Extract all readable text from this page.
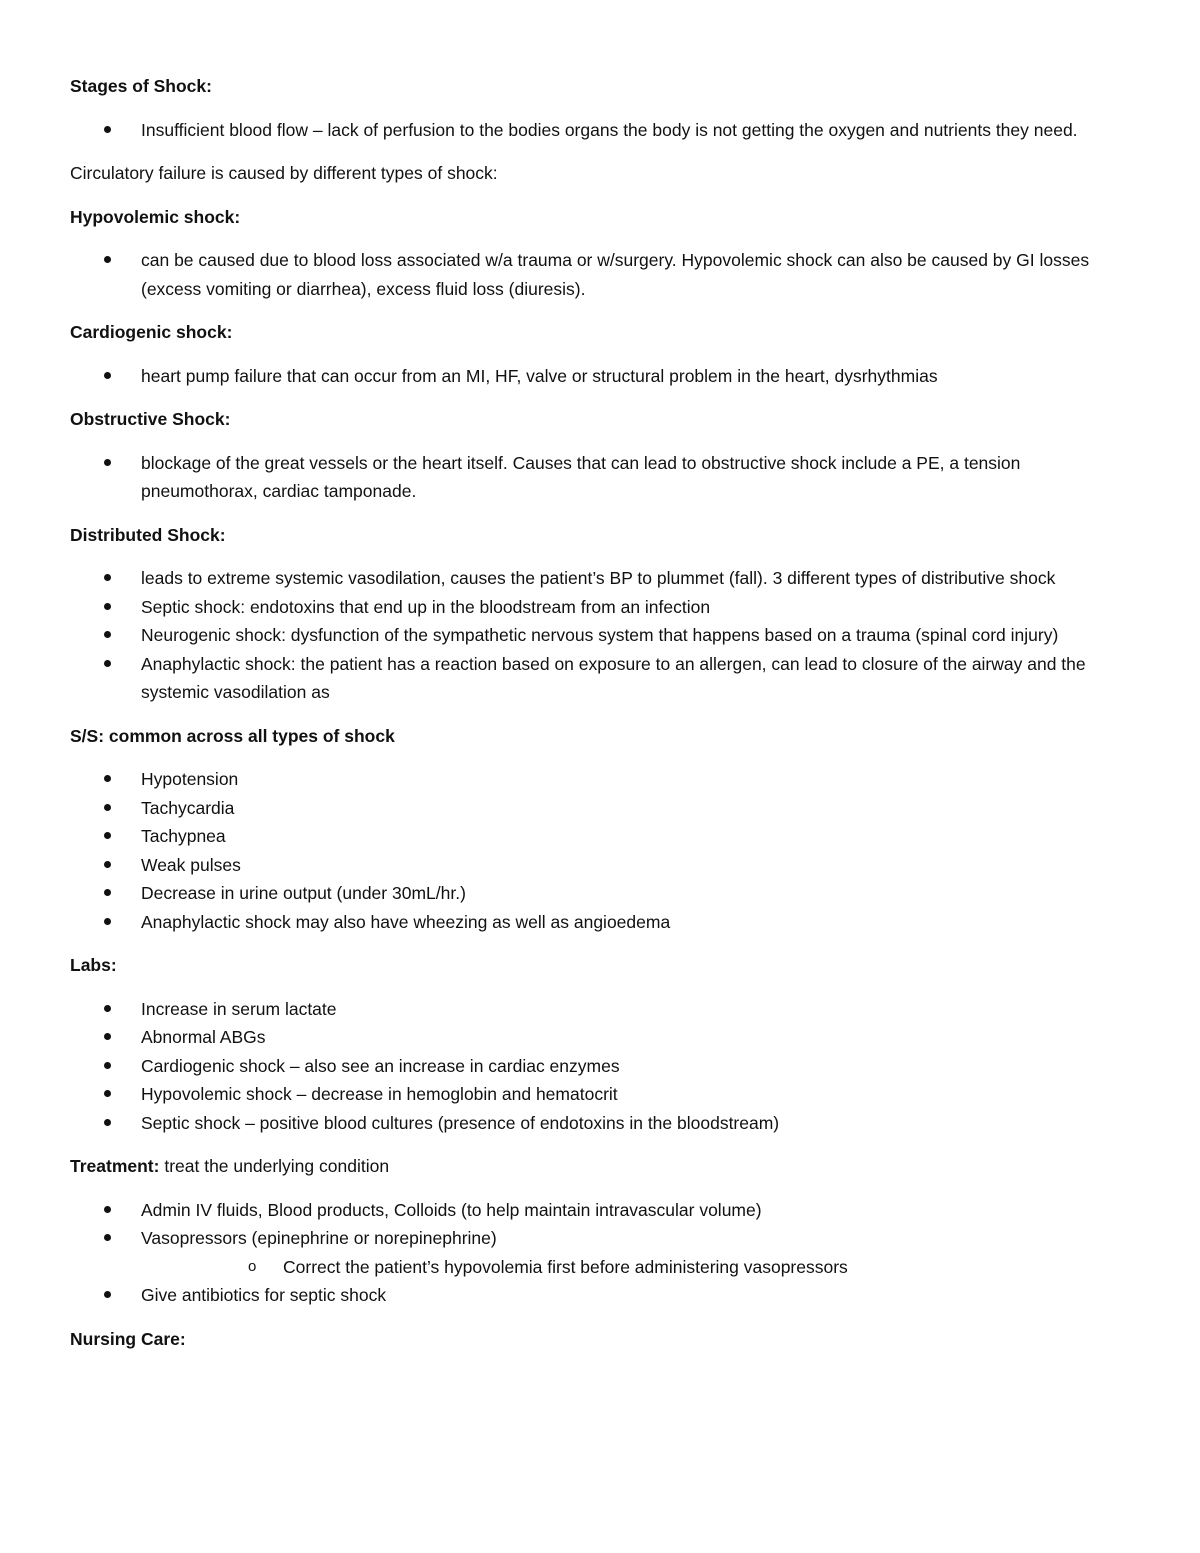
Stages of Shock:
Insufficient blood flow – lack of perfusion to the bodies organs the body is not getting the oxygen and nutrients they need.
Circulatory failure is caused by different types of shock:
Hypovolemic shock:
can be caused due to blood loss associated w/a trauma or w/surgery. Hypovolemic shock can also be caused by GI losses (excess vomiting or diarrhea), excess fluid loss (diuresis).
Cardiogenic shock:
heart pump failure that can occur from an MI, HF, valve or structural problem in the heart, dysrhythmias
Obstructive Shock:
blockage of the great vessels or the heart itself. Causes that can lead to obstructive shock include a PE, a tension pneumothorax, cardiac tamponade.
Distributed Shock:
leads to extreme systemic vasodilation, causes the patient’s BP to plummet (fall). 3 different types of distributive shock
Septic shock: endotoxins that end up in the bloodstream from an infection
Neurogenic shock: dysfunction of the sympathetic nervous system that happens based on a trauma (spinal cord injury)
Anaphylactic shock: the patient has a reaction based on exposure to an allergen, can lead to closure of the airway and the systemic vasodilation as
S/S: common across all types of shock
Hypotension
Tachycardia
Tachypnea
Weak pulses
Decrease in urine output (under 30mL/hr.)
Anaphylactic shock may also have wheezing as well as angioedema
Labs:
Increase in serum lactate
Abnormal ABGs
Cardiogenic shock – also see an increase in cardiac enzymes
Hypovolemic shock – decrease in hemoglobin and hematocrit
Septic shock – positive blood cultures (presence of endotoxins in the bloodstream)
Treatment: treat the underlying condition
Admin IV fluids, Blood products, Colloids (to help maintain intravascular volume)
Vasopressors (epinephrine or norepinephrine)
o Correct the patient’s hypovolemia first before administering vasopressors
Give antibiotics for septic shock
Nursing Care:
